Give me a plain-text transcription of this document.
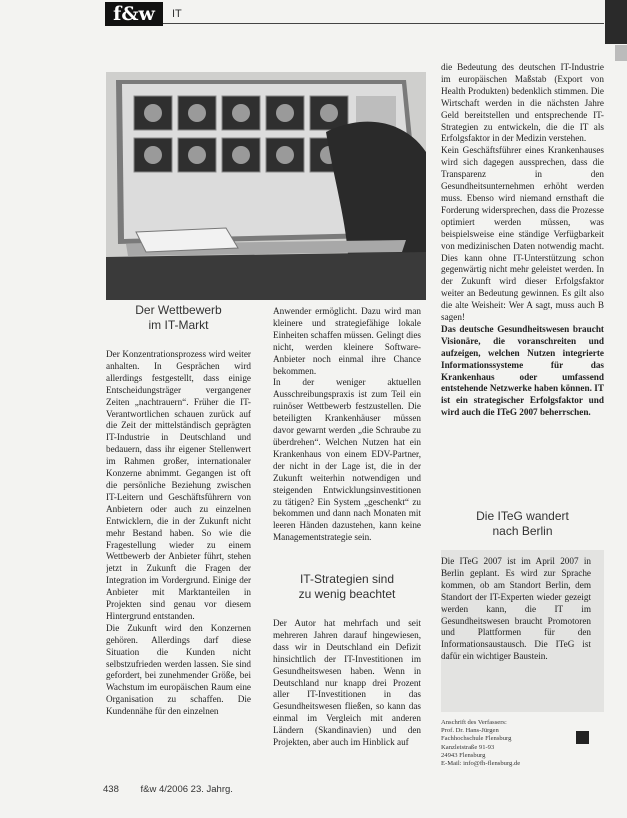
f&w	IT
Der Wettbewerb
im IT-Markt

Der Konzentrationsprozess wird weiter anhalten. In Gesprächen wird allerdings festgestellt, dass einige Entscheidungsträger vergangener Zeiten „nachtrauern“. Früher die IT-Verantwortlichen schauen zurück auf die Zeit der mittelständisch geprägten IT-Industrie in Deutschland und bedauern, dass ihr eigener Stellenwert im Rahmen großer, internationaler Konzerne abnimmt. Gegangen ist oft die persönliche Beziehung zwischen IT-Leitern und Geschäftsführern von Anbietern oder auch zu einzelnen Entwicklern, die in der Zukunft nicht mehr Bestand haben. So wie die Fragestellung wieder zu einem Wettbewerb der Anbieter führt, stehen jetzt in Zukunft die Fragen der Integration im Vordergrund. Einige der Anbieter mit Marktanteilen in Projekten sind genau vor diesem Hintergrund entstanden.

Die Zukunft wird den Konzernen gehören. Allerdings darf diese Situation die Kunden nicht selbstzufrieden werden lassen. Sie sind gefordert, bei zunehmender Größe, bei Wachstum im europäischen Raum eine Organisation zu schaffen. Die Kundennähe für den einzelnen

Anwender ermöglicht. Dazu wird man kleinere und strategiefähige lokale Einheiten schaffen müssen. Gelingt dies nicht, werden kleinere Software-Anbieter noch einmal ihre Chance bekommen.

In der weniger aktuellen Ausschreibungspraxis ist zum Teil ein ruinöser Wettbewerb festzustellen. Die beteiligten Krankenhäuser müssen davor gewarnt werden „die Schraube zu überdrehen“. Welchen Nutzen hat ein Krankenhaus von einem EDV-Partner, der nicht in der Lage ist, die in der Zukunft weiterhin notwendigen und steigenden Entwicklungsinvestitionen zu tätigen? Ein System „geschenkt“ zu bekommen und dann nach Monaten mit leeren Händen dazustehen, kann keine Managementstrategie sein.

IT-Strategien sind
zu wenig beachtet

Der Autor hat mehrfach und seit mehreren Jahren darauf hingewiesen, dass wir in Deutschland ein Defizit hinsichtlich der IT-Investitionen im Gesundheitswesen haben. Wenn in Deutschland nur knapp drei Prozent aller IT-Investitionen in das Gesundheitswesen fließen, so kann das einmal im Vergleich mit anderen Ländern (Skandinavien) und den Projekten, aber auch im Hinblick auf

die Bedeutung des deutschen IT-Industrie im europäischen Maßstab (Export von Health Produkten) bedenklich stimmen. Die Wirtschaft werden in die nächsten Jahre Geld bereitstellen und entsprechende IT-Strategien zu entwickeln, die die IT als Erfolgsfaktor in der Medizin verstehen.

Kein Geschäftsführer eines Krankenhauses wird sich dagegen aussprechen, dass die Transparenz in den Gesundheitsunternehmen erhöht werden muss. Ebenso wird niemand ernsthaft die Forderung widersprechen, dass die Prozesse optimiert werden müssen, was beispielsweise eine ständige Verfügbarkeit von medizinischen Daten notwendig macht. Dies kann ohne IT-Unterstützung schon gegenwärtig nicht mehr geleistet werden. In der Zukunft wird dieser Erfolgsfaktor weiter an Bedeutung gewinnen. Es gilt also die alte Weisheit: Wer A sagt, muss auch B sagen!

Das deutsche Gesundheitswesen braucht Visionäre, die voranschreiten und aufzeigen, welchen Nutzen integrierte Informationssysteme für das Krankenhaus oder umfassend entstehende Netzwerke haben können. IT ist ein strategischer Erfolgsfaktor und wird auch die ITeG 2007 beherrschen.

Die ITeG wandert
nach Berlin
Die ITeG 2007 ist im April 2007 in Berlin geplant. Es wird zur Sprache kommen, ob am Standort Berlin, dem Standort der IT-Experten wieder gezeigt werden kann, die IT im Gesundheitswesen braucht Promotoren und Plattformen für den Informationsaustausch. Die ITeG ist dafür ein wichtiger Baustein.
Anschrift des Verfassers:
Prof. Dr. Hans-Jürgen
Fachhochschule Flensburg
Kanzleistraße 91-93
24943 Flensburg
E-Mail: info@fh-flensburg.de
438 f&w 4/2006 23. Jahrg.
